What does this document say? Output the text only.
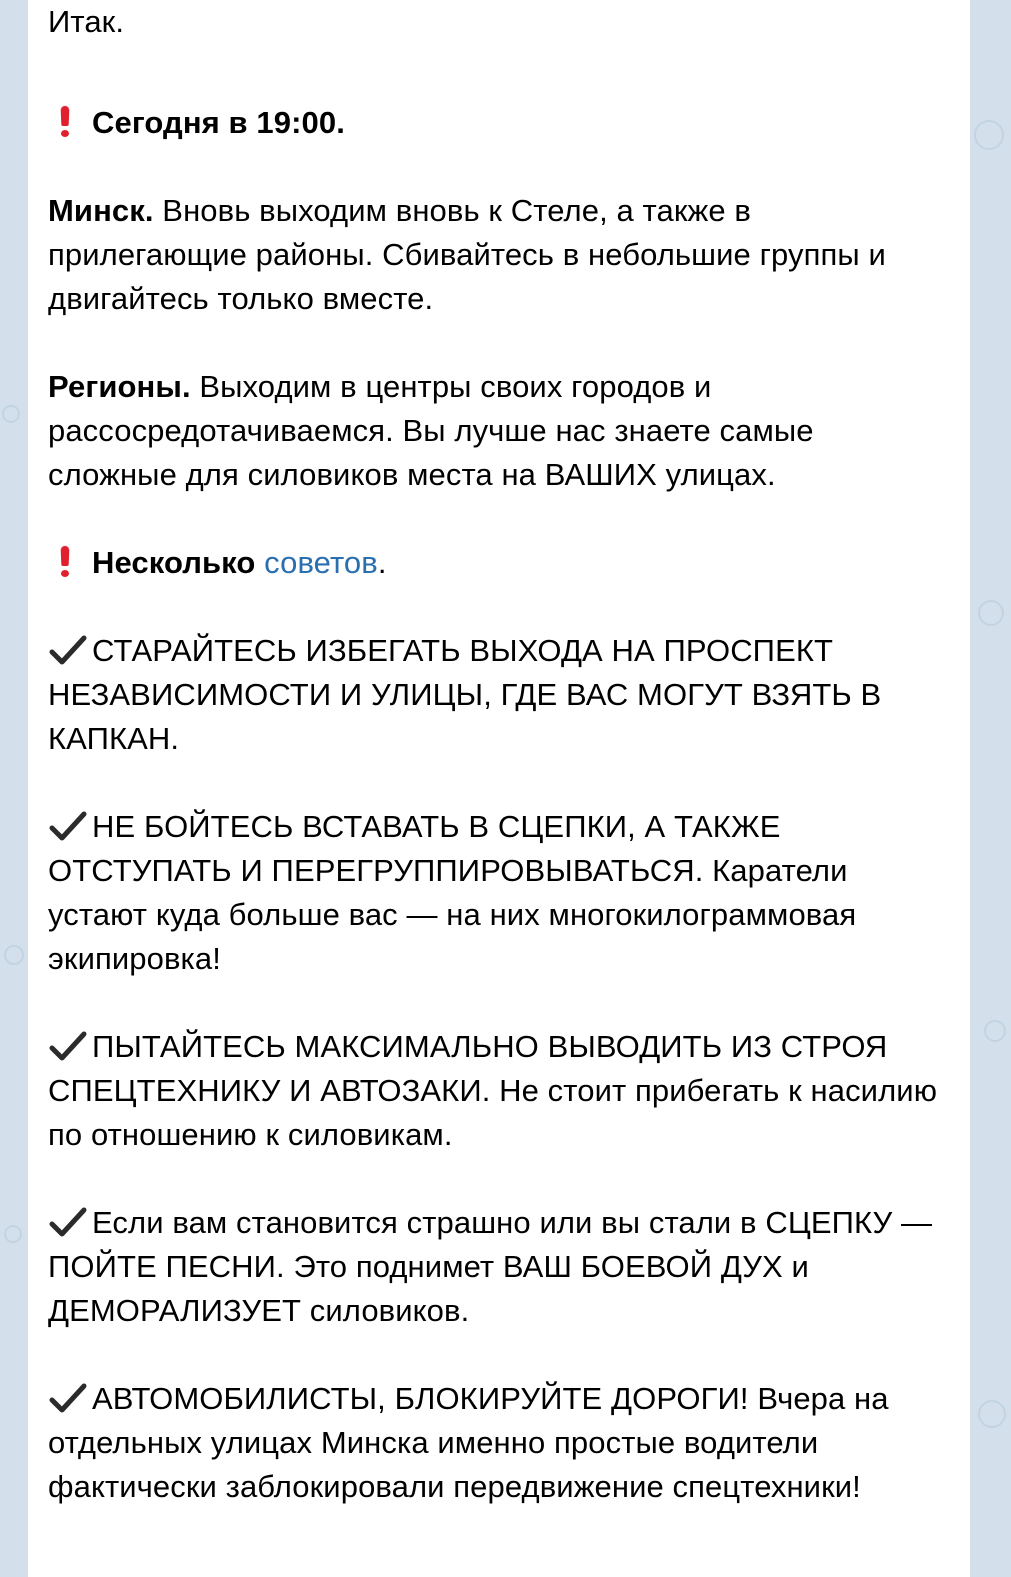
Итак.

Сегодня в 19:00.

Минск. Вновь выходим вновь к Стеле, а также в прилегающие районы. Сбивайтесь в небольшие группы и двигайтесь только вместе.

Регионы. Выходим в центры своих городов и рассосредотачиваемся. Вы лучше нас знаете самые сложные для силовиков места на ВАШИХ улицах.

Несколько советов.

СТАРАЙТЕСЬ ИЗБЕГАТЬ ВЫХОДА НА ПРОСПЕКТ НЕЗАВИСИМОСТИ И УЛИЦЫ, ГДЕ ВАС МОГУТ ВЗЯТЬ В КАПКАН.

НЕ БОЙТЕСЬ ВСТАВАТЬ В СЦЕПКИ, А ТАКЖЕ ОТСТУПАТЬ И ПЕРЕГРУППИРОВЫВАТЬСЯ. Каратели устают куда больше вас — на них многокилограммовая экипировка!

ПЫТАЙТЕСЬ МАКСИМАЛЬНО ВЫВОДИТЬ ИЗ СТРОЯ СПЕЦТЕХНИКУ И АВТОЗАКИ. Не стоит прибегать к насилию по отношению к силовикам.

Если вам становится страшно или вы стали в СЦЕПКУ — ПОЙТЕ ПЕСНИ. Это поднимет ВАШ БОЕВОЙ ДУХ и ДЕМОРАЛИЗУЕТ силовиков.

АВТОМОБИЛИСТЫ, БЛОКИРУЙТЕ ДОРОГИ! Вчера на отдельных улицах Минска именно простые водители фактически заблокировали передвижение спецтехники!
